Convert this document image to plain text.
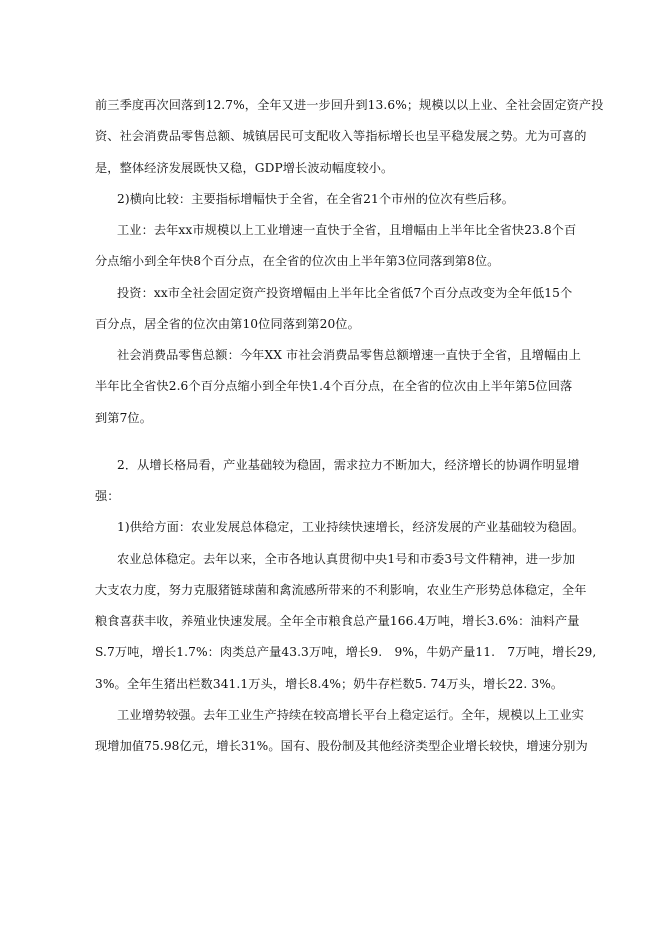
前三季度再次回落到12.7%，全年又进一步回升到13.6%；规模以以上业、全社会固定资产投
资、社会消费品零售总额、城镇居民可支配收入等指标增长也呈平稳发展之势。尤为可喜的
是，整体经济发展既快又稳，GDP增长波动幅度较小。
2)横向比较：主要指标增幅快于全省，在全省21个市州的位次有些后移。
工业：去年xx市规模以上工业增速一直快于全省，且增幅由上半年比全省快23.8个百
分点缩小到全年快8个百分点，在全省的位次由上半年第3位同落到第8位。
投资：xx市全社会固定资产投资增幅由上半年比全省低7个百分点改变为全年低15个
百分点，居全省的位次由第10位同落到第20位。
社会消费品零售总额：今年XX 市社会消费品零售总额增速一直快于全省，且增幅由上
半年比全省快2.6个百分点缩小到全年快1.4个百分点，在全省的位次由上半年第5位回落
到第7位。
2．从增长格局看，产业基础较为稳固，需求拉力不断加大，经济增长的协调作明显增
强：
1)供给方面：农业发展总体稳定，工业持续快速增长，经济发展的产业基础较为稳固。
农业总体稳定。去年以来，全市各地认真贯彻中央1号和市委3号文件精神，进一步加
大支农力度，努力克服猪链球菌和禽流感所带来的不利影响，农业生产形势总体稳定，全年
粮食喜获丰收，养殖业快速发展。全年全市粮食总产量166.4万吨，增长3.6%：油料产量
S.7万吨，增长1.7%：肉类总产量43.3万吨，增长9.　9%，牛奶产量11.　7万吨，增长29,
3%。全年生猪出栏数341.1万头，增长8.4%；奶牛存栏数5. 74万头，增长22. 3%。
工业增势较强。去年工业生产持续在较高增长平台上稳定运行。全年，规模以上工业实
现增加值75.98亿元，增长31%。国有、股份制及其他经济类型企业增长较快，增速分别为
